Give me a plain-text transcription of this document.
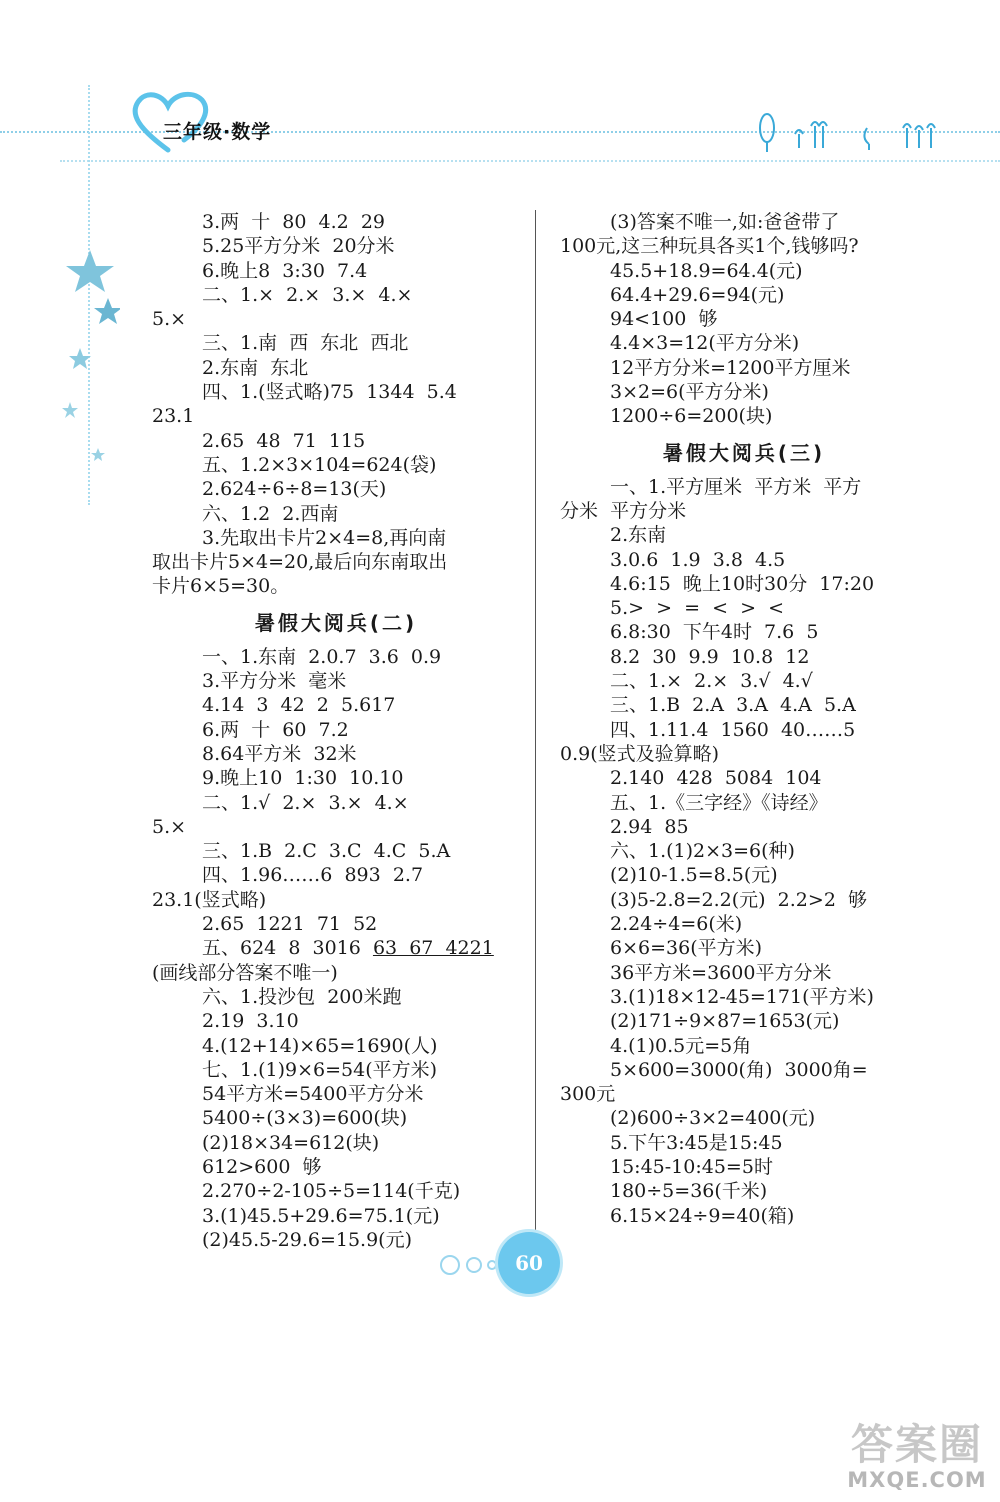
三年级·数学
3.两  十  80  4.2  29
5.25平方分米  20分米
6.晚上8  3:30  7.4
二、1.×  2.×  3.×  4.×
5.×
三、1.南  西  东北  西北
2.东南  东北
四、1.(竖式略)75  1344  5.4
23.1
2.65  48  71  115
五、1.2×3×104=624(袋)
2.624÷6÷8=13(天)
六、1.2  2.西南
3.先取出卡片2×4=8,再向南
取出卡片5×4=20,最后向东南取出
卡片6×5=30。
暑假大阅兵(二)
一、1.东南  2.0.7  3.6  0.9
3.平方分米  毫米
4.14  3  42  2  5.617
6.两  十  60  7.2
8.64平方米  32米
9.晚上10  1:30  10.10
二、1.√  2.×  3.×  4.×
5.×
三、1.B  2.C  3.C  4.C  5.A
四、1.96……6  893  2.7
23.1(竖式略)
2.65  1221  71  52
五、624  8  3016  63  67  4221
(画线部分答案不唯一)
六、1.投沙包  200米跑
2.19  3.10
4.(12+14)×65=1690(人)
七、1.(1)9×6=54(平方米)
54平方米=5400平方分米
5400÷(3×3)=600(块)
(2)18×34=612(块)
612>600  够
2.270÷2-105÷5=114(千克)
3.(1)45.5+29.6=75.1(元)
(2)45.5-29.6=15.9(元)
(3)答案不唯一,如:爸爸带了
100元,这三种玩具各买1个,钱够吗?
45.5+18.9=64.4(元)
64.4+29.6=94(元)
94<100  够
4.4×3=12(平方分米)
12平方分米=1200平方厘米
3×2=6(平方分米)
1200÷6=200(块)
暑假大阅兵(三)
一、1.平方厘米  平方米  平方
分米  平方分米
2.东南
3.0.6  1.9  3.8  4.5
4.6:15  晚上10时30分  17:20
5.>  >  =  <  >  <
6.8:30  下午4时  7.6  5
8.2  30  9.9  10.8  12
二、1.×  2.×  3.√  4.√
三、1.B  2.A  3.A  4.A  5.A
四、1.11.4  1560  40……5
0.9(竖式及验算略)
2.140  428  5084  104
五、1.《三字经》《诗经》
2.94  85
六、1.(1)2×3=6(种)
(2)10-1.5=8.5(元)
(3)5-2.8=2.2(元)  2.2>2  够
2.24÷4=6(米)
6×6=36(平方米)
36平方米=3600平方分米
3.(1)18×12-45=171(平方米)
(2)171÷9×87=1653(元)
4.(1)0.5元=5角
5×600=3000(角)  3000角=
300元
(2)600÷3×2=400(元)
5.下午3:45是15:45
15:45-10:45=5时
180÷5=36(千米)
6.15×24÷9=40(箱)
60
答案圈
MXQE.COM
